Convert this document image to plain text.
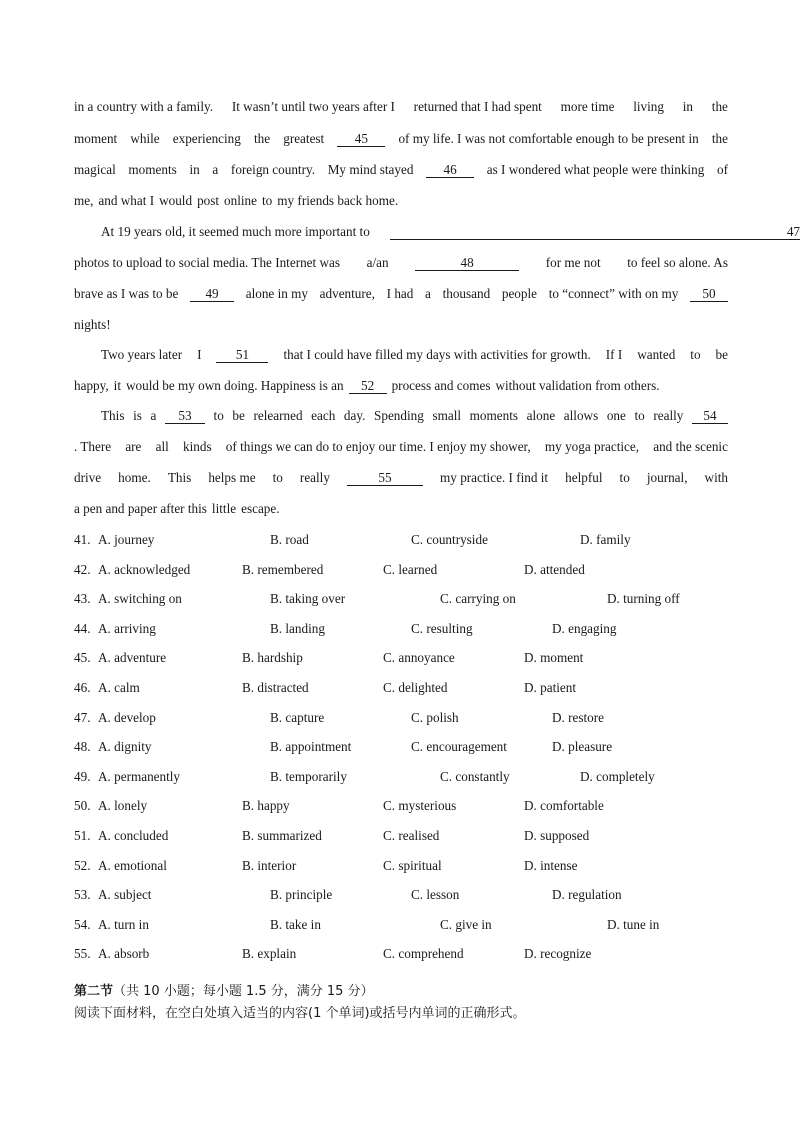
in a country with a family. It wasn’t until two years after I returned that I had spent more time living in the
moment while experiencing the greatest	45	of my life. I was not comfortable enough to be present in the
magical moments in a foreign country. My mind stayed	46	as I wondered what people were thinking of
me, and what I would post online to my friends back home.
At 19 years old, it seemed much more important to	47
photos to upload to social media. The Internet was a/an	48	for me not to feel so alone. As
brave as I was to be	49	alone in my adventure, I had a thousand people to “connect” with on my	50
nights!
Two years later I	51	that I could have filled my days with activities for growth. If I wanted to be
happy, it would be my own doing. Happiness is an	52	process and comes without validation from others.
This is a	53	to be relearned each day. Spending small moments alone allows one to really	54
. There are all kinds of things we can do to enjoy our time. I enjoy my shower, my yoga practice, and the scenic
drive home. This helps me to really	55	my practice. I find it helpful to journal, with
a pen and paper after this little escape.
41. A. journey	B. road	C. countryside	D. family
42. A. acknowledged	B. remembered	C. learned	D. attended
43. A. switching on	B. taking over	C. carrying on	D. turning off
44. A. arriving	B. landing	C. resulting	D. engaging
45. A. adventure	B. hardship	C. annoyance	D. moment
46. A. calm	B. distracted	C. delighted	D. patient
47. A. develop	B. capture	C. polish	D. restore
48. A. dignity	B. appointment	C. encouragement	D. pleasure
49. A. permanently	B. temporarily	C. constantly	D. completely
50. A. lonely	B. happy	C. mysterious	D. comfortable
51. A. concluded	B. summarized	C. realised	D. supposed
52. A. emotional	B. interior	C. spiritual	D. intense
53. A. subject	B. principle	C. lesson	D. regulation
54. A. turn in	B. take in	C. give in	D. tune in
55. A. absorb	B. explain	C. comprehend	D. recognize
第二节（共 10 小题；每小题 1.5 分，满分 15 分）
阅读下面材料，在空白处填入适当的内容(1 个单词)或括号内单词的正确形式。
